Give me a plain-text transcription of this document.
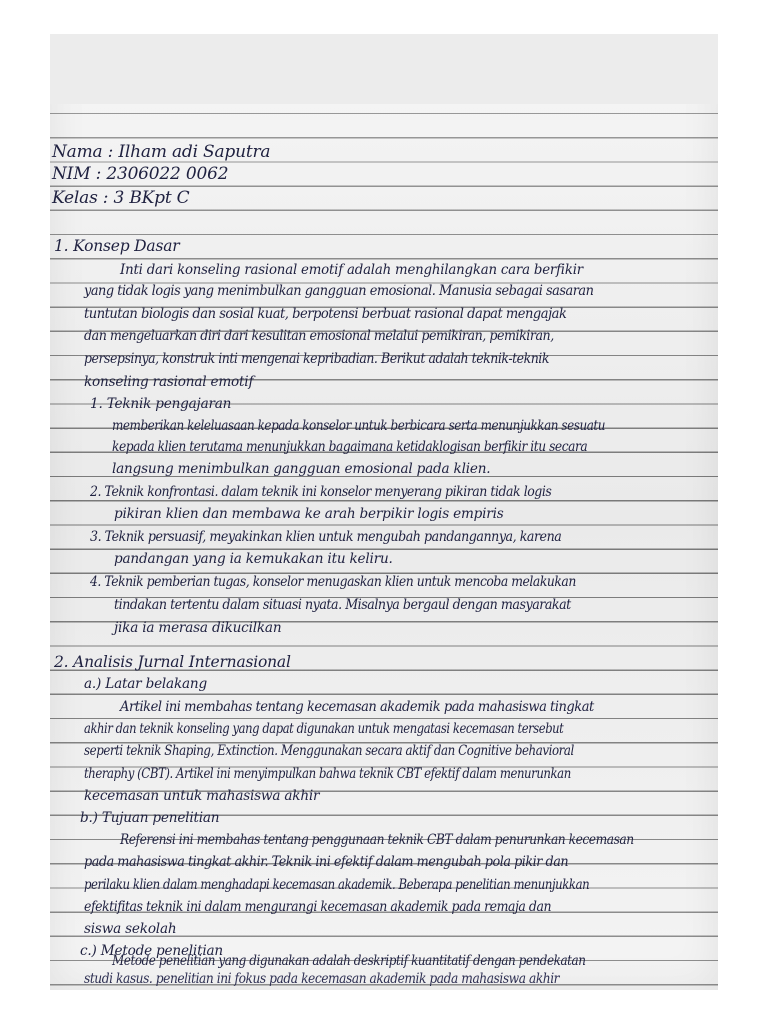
Nama : Ilham adi Saputra
NIM : 2306022 0062
Kelas : 3 BKpt C
1. Konsep Dasar
Inti dari konseling rasional emotif adalah menghilangkan cara berfikir
yang tidak logis yang menimbulkan gangguan emosional. Manusia sebagai sasaran
tuntutan biologis dan sosial kuat, berpotensi berbuat rasional dapat mengajak
dan mengeluarkan diri dari kesulitan emosional melalui pemikiran, pemikiran,
persepsinya, konstruk inti mengenai kepribadian. Berikut adalah teknik-teknik
konseling rasional emotif
1. Teknik pengajaran
memberikan keleluasaan kepada konselor untuk berbicara serta menunjukkan sesuatu
kepada klien terutama menunjukkan bagaimana ketidaklogisan berfikir itu secara
langsung menimbulkan gangguan emosional pada klien.
2. Teknik konfrontasi. dalam teknik ini konselor menyerang pikiran tidak logis
pikiran klien dan membawa ke arah berpikir logis empiris
3. Teknik persuasif, meyakinkan klien untuk mengubah pandangannya, karena
pandangan yang ia kemukakan itu keliru.
4. Teknik pemberian tugas, konselor menugaskan klien untuk mencoba melakukan
tindakan tertentu dalam situasi nyata. Misalnya bergaul dengan masyarakat
jika ia merasa dikucilkan
2. Analisis Jurnal Internasional
a.) Latar belakang
Artikel ini membahas tentang kecemasan akademik pada mahasiswa tingkat
akhir dan teknik konseling yang dapat digunakan untuk mengatasi kecemasan tersebut
seperti teknik Shaping, Extinction. Menggunakan secara aktif dan Cognitive behavioral
theraphy (CBT). Artikel ini menyimpulkan bahwa teknik CBT efektif dalam menurunkan
kecemasan untuk mahasiswa akhir
b.) Tujuan penelitian
Referensi ini membahas tentang penggunaan teknik CBT dalam penurunkan kecemasan
pada mahasiswa tingkat akhir. Teknik ini efektif dalam mengubah pola pikir dan
perilaku klien dalam menghadapi kecemasan akademik. Beberapa penelitian menunjukkan
efektifitas teknik ini dalam mengurangi kecemasan akademik pada remaja dan
siswa sekolah
c.) Metode penelitian
Metode penelitian yang digunakan adalah deskriptif kuantitatif dengan pendekatan
studi kasus. penelitian ini fokus pada kecemasan akademik pada mahasiswa akhir
